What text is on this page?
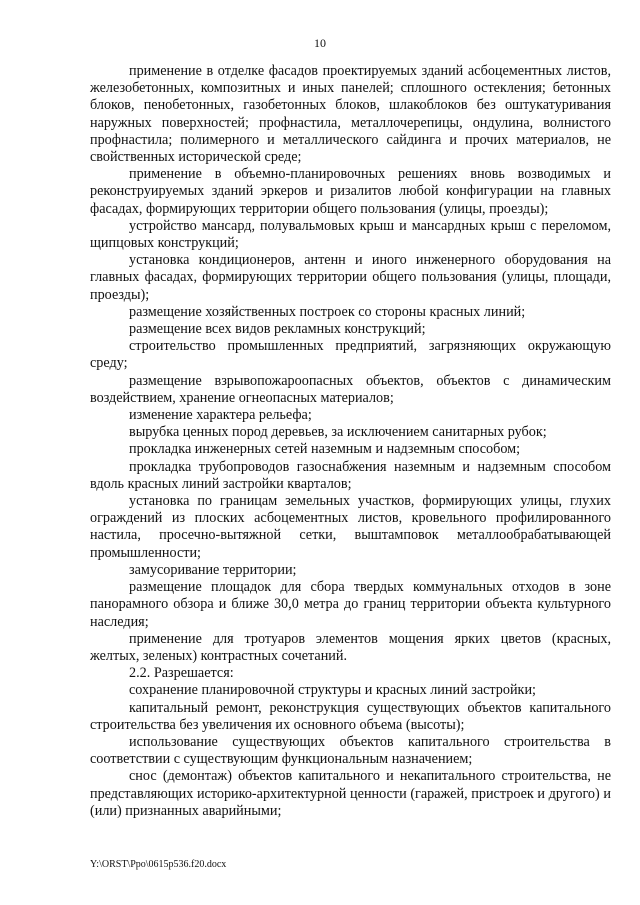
10

применение в отделке фасадов проектируемых зданий асбоцементных листов, железобетонных, композитных и иных панелей; сплошного остекления; бетонных блоков, пенобетонных, газобетонных блоков, шлакоблоков без оштукатуривания наружных поверхностей; профнастила, металлочерепицы, ондулина, волнистого профнастила; полимерного и металлического сайдинга и прочих материалов, не свойственных исторической среде;

применение в объемно-планировочных решениях вновь возводимых и реконструируемых зданий эркеров и ризалитов любой конфигурации на главных фасадах, формирующих территории общего пользования (улицы, проезды);

устройство мансард, полувальмовых крыш и мансардных крыш с переломом, щипцовых конструкций;

установка кондиционеров, антенн и иного инженерного оборудования на главных фасадах, формирующих территории общего пользования (улицы, площади, проезды);

размещение хозяйственных построек со стороны красных линий;

размещение всех видов рекламных конструкций;

строительство промышленных предприятий, загрязняющих окружающую среду;

размещение взрывопожароопасных объектов, объектов с динамическим воздействием, хранение огнеопасных материалов;

изменение характера рельефа;

вырубка ценных пород деревьев, за исключением санитарных рубок;

прокладка инженерных сетей наземным и надземным способом;

прокладка трубопроводов газоснабжения наземным и надземным способом вдоль красных линий застройки кварталов;

установка по границам земельных участков, формирующих улицы, глухих ограждений из плоских асбоцементных листов, кровельного профилированного настила, просечно-вытяжной сетки, выштамповок металлообрабатывающей промышленности;

замусоривание территории;

размещение площадок для сбора твердых коммунальных отходов в зоне панорамного обзора и ближе 30,0 метра до границ территории объекта культурного наследия;

применение для тротуаров элементов мощения ярких цветов (красных, желтых, зеленых) контрастных сочетаний.

2.2. Разрешается:

сохранение планировочной структуры и красных линий застройки;

капитальный ремонт, реконструкция существующих объектов капитального строительства без увеличения их основного объема (высоты);

использование существующих объектов капитального строительства в соответствии с существующим функциональным назначением;

снос (демонтаж) объектов капитального и некапитального строительства, не представляющих историко-архитектурной ценности (гаражей, пристроек и другого) и (или) признанных аварийными;

Y:\ORST\Ppo\0615p536.f20.docx
